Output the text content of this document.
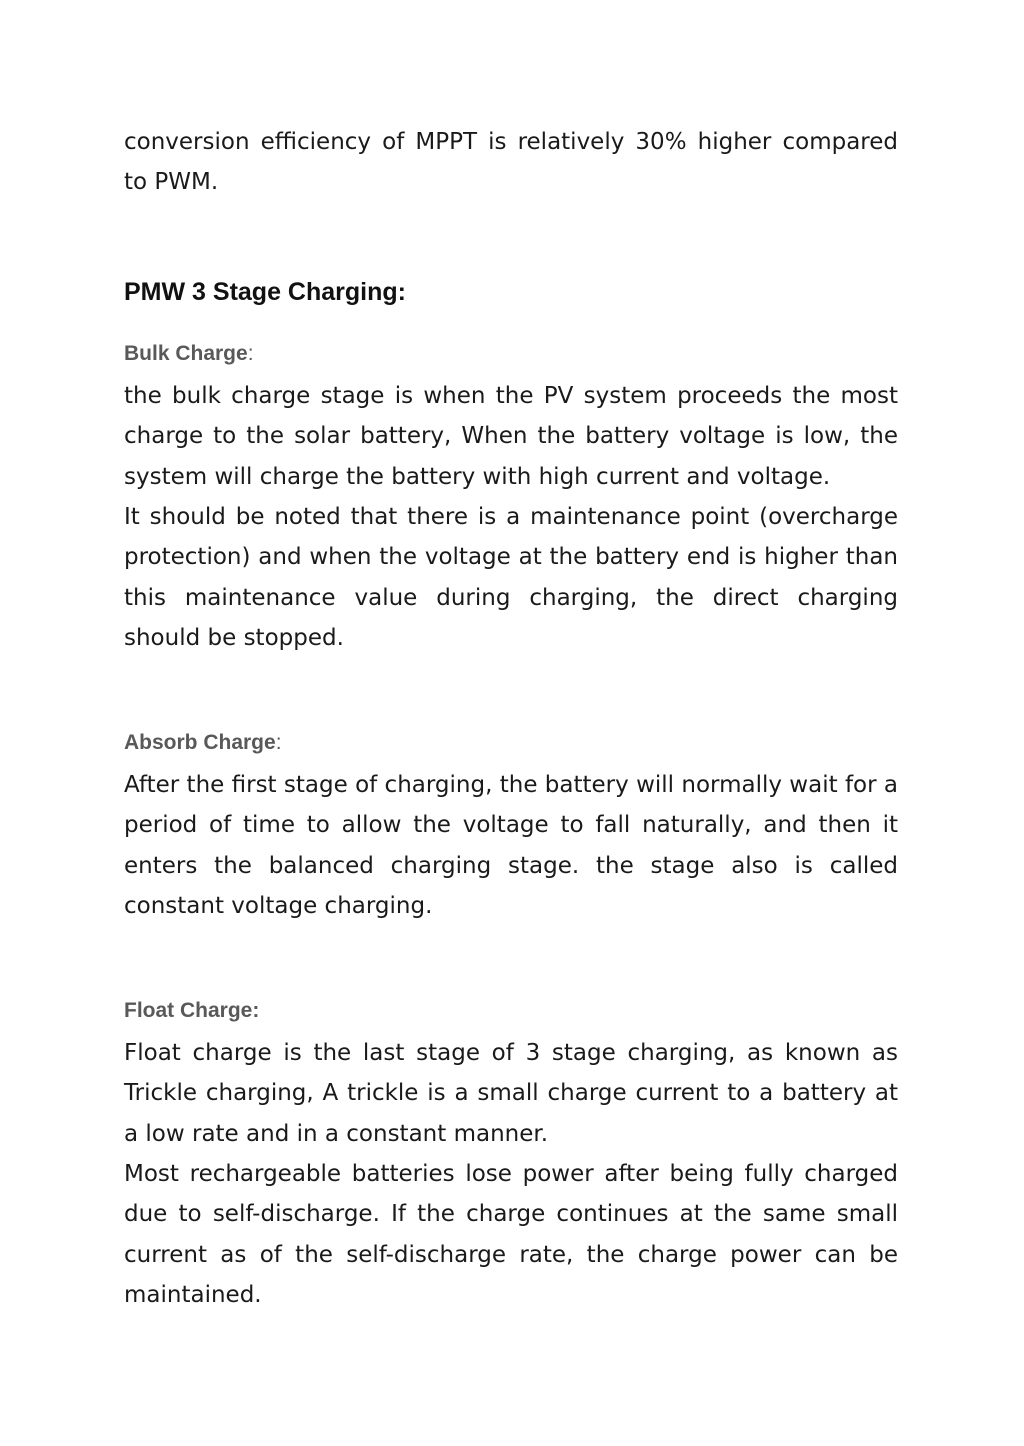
conversion efficiency of MPPT is relatively 30% higher compared to PWM.

PMW 3 Stage Charging:
Bulk Charge:

the bulk charge stage is when the PV system proceeds the most charge to the solar battery, When the battery voltage is low, the system will charge the battery with high current and voltage.

It should be noted that there is a maintenance point (overcharge protection) and when the voltage at the battery end is higher than this maintenance value during charging, the direct charging should be stopped.

Absorb Charge:

After the first stage of charging, the battery will normally wait for a period of time to allow the voltage to fall naturally, and then it enters the balanced charging stage. the stage also is called constant voltage charging.

Float Charge:

Float charge is the last stage of 3 stage charging, as known as Trickle charging, A trickle is a small charge current to a battery at a low rate and in a constant manner.

Most rechargeable batteries lose power after being fully charged due to self-discharge. If the charge continues at the same small current as of the self-discharge rate, the charge power can be maintained.
